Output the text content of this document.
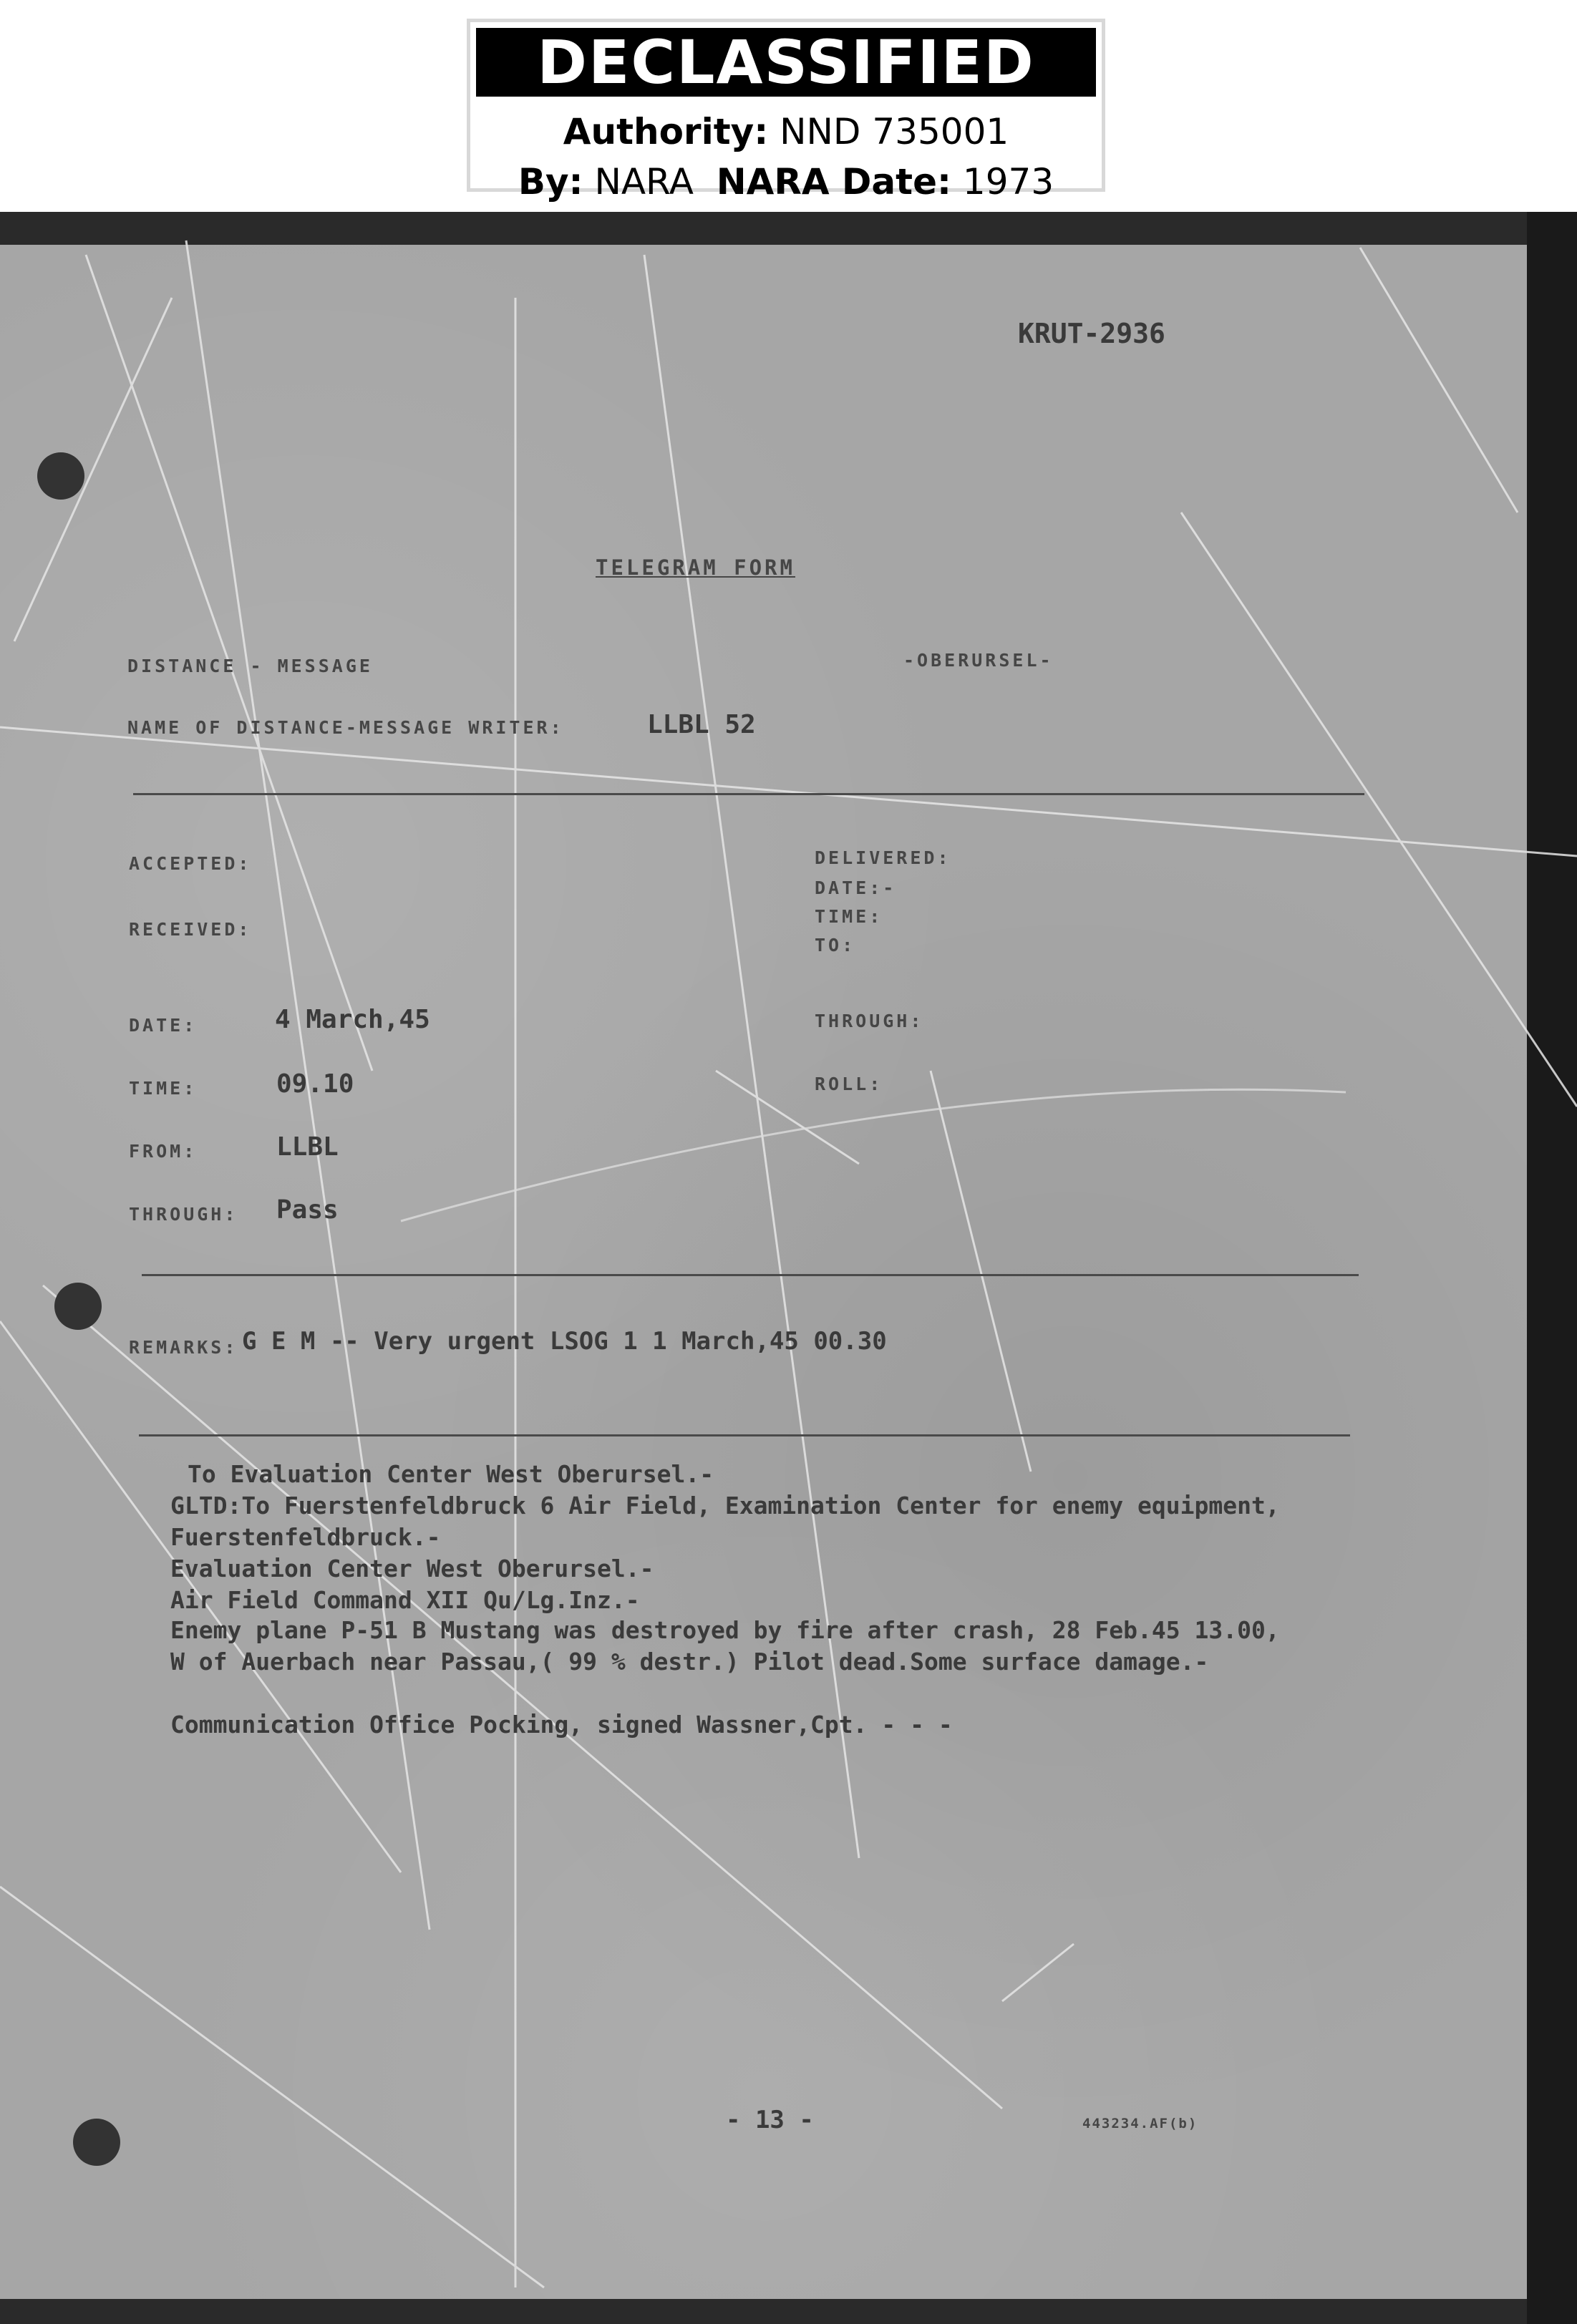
DECLASSIFIED
Authority: NND 735001
By: NARA NARA Date: 1973
KRUT-2936
TELEGRAM FORM
DISTANCE - MESSAGE	-OBERURSEL-
NAME OF DISTANCE-MESSAGE WRITER:	LLBL 52
ACCEPTED:
RECEIVED:
DELIVERED:
DATE:-
TIME:
TO:
DATE:	4 March,45	THROUGH:
TIME:	09.10	ROLL:
FROM:	LLBL
THROUGH: Pass
REMARKS: G E M -- Very urgent LSOG 1 1 March,45 00.30
To Evaluation Center West Oberursel.-
GLTD:To Fuerstenfeldbruck 6 Air Field, Examination Center for enemy equipment,
Fuerstenfeldbruck.-
Evaluation Center West Oberursel.-
Air Field Command XII Qu/Lg.Inz.-
Enemy plane P-51 B Mustang was destroyed by fire after crash, 28 Feb.45 13.00,
W of Auerbach near Passau,( 99 % destr.) Pilot dead.Some surface damage.-
Communication Office Pocking, signed Wassner,Cpt. - - -
- 13 -	443234.AF(b)
